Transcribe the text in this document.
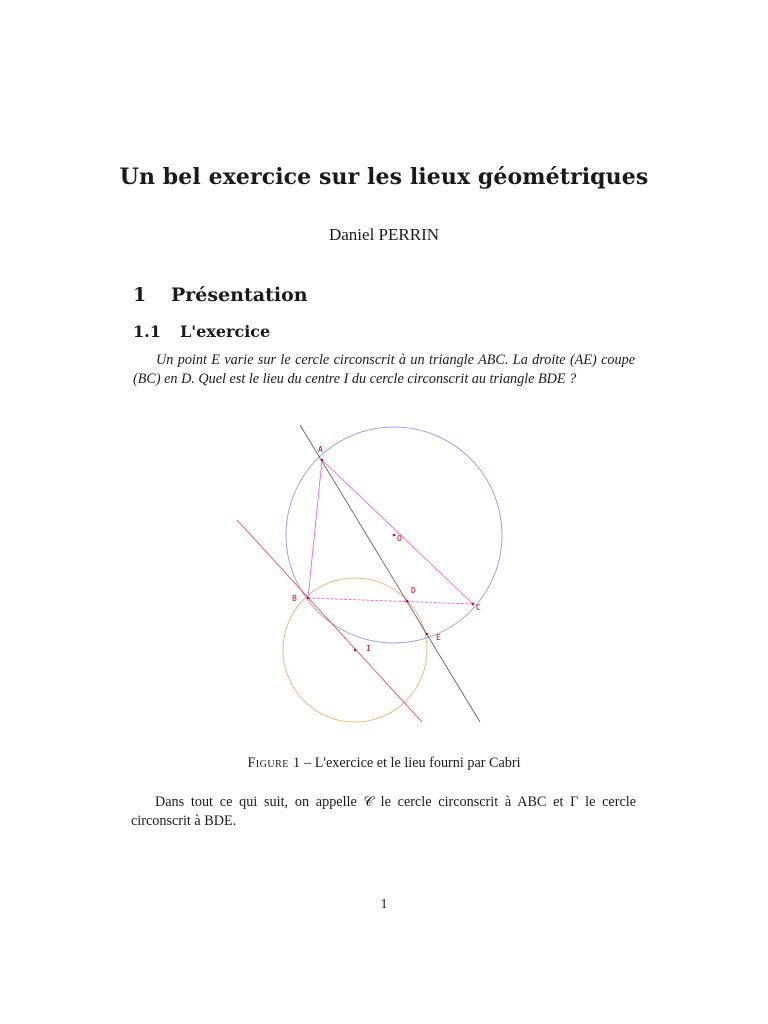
Un bel exercice sur les lieux géométriques
Daniel PERRIN
1 Présentation
1.1 L'exercice
Un point E varie sur le cercle circonscrit à un triangle ABC. La droite (AE) coupe (BC) en D. Quel est le lieu du centre I du cercle circonscrit au triangle BDE ?
A
B
C
D
E
O
I
Figure 1 – L'exercice et le lieu fourni par Cabri
Dans tout ce qui suit, on appelle 𝒞 le cercle circonscrit à ABC et Γ le cercle circonscrit à BDE.
1
